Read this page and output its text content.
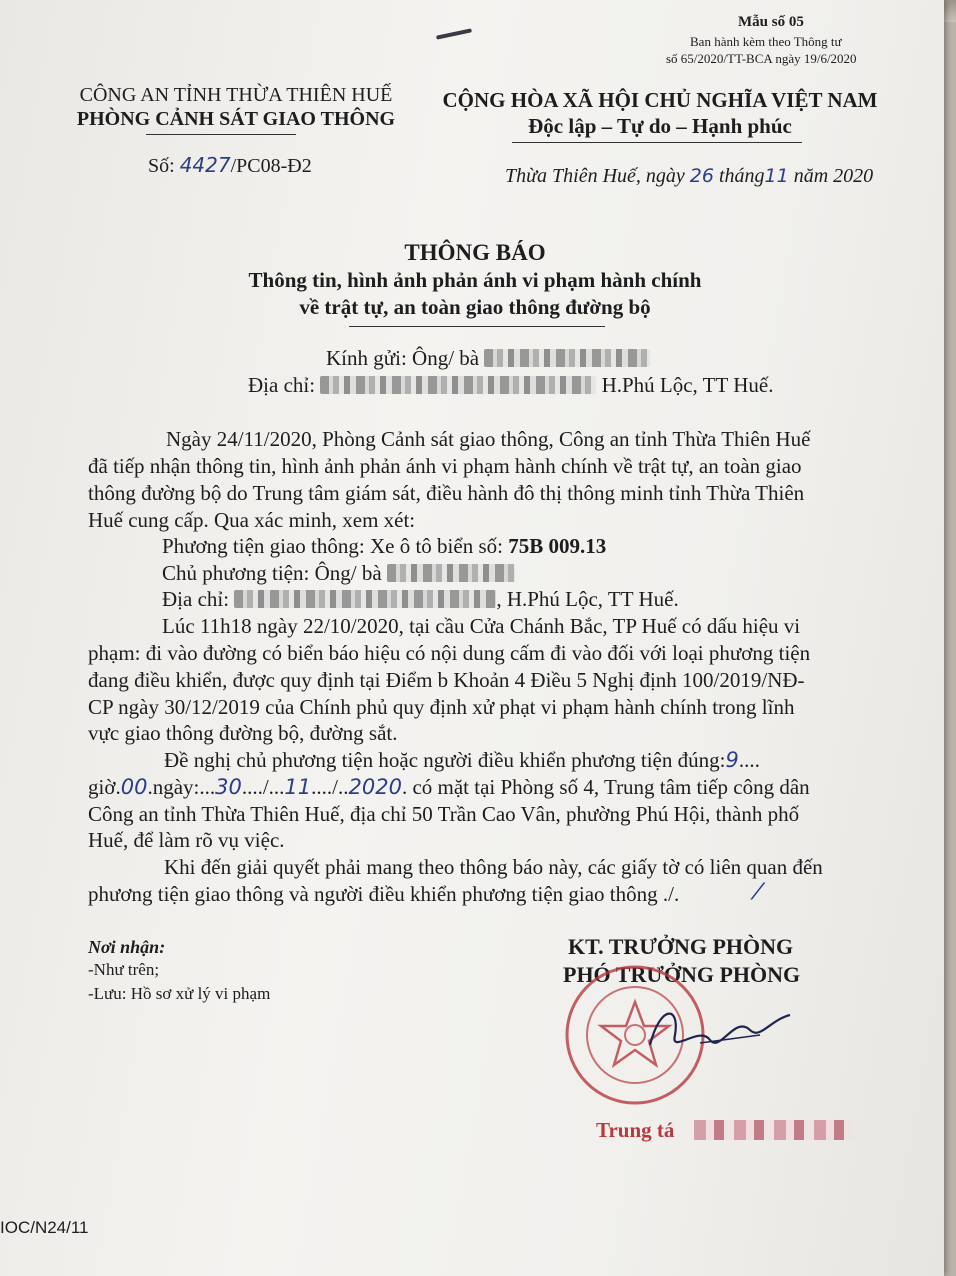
Mẫu số 05
Ban hành kèm theo Thông tư
số 65/2020/TT-BCA ngày 19/6/2020
CÔNG AN TỈNH THỪA THIÊN HUẾ
PHÒNG CẢNH SÁT GIAO THÔNG
Số: 4427/PC08-Đ2
CỘNG HÒA XÃ HỘI CHỦ NGHĨA VIỆT NAM
Độc lập – Tự do – Hạnh phúc
Thừa Thiên Huế, ngày 26 tháng11 năm 2020
THÔNG BÁO
Thông tin, hình ảnh phản ánh vi phạm hành chính
về trật tự, an toàn giao thông đường bộ
Kính gửi: Ông/ bà
Địa chỉ:	H.Phú Lộc, TT Huế.
Ngày 24/11/2020, Phòng Cảnh sát giao thông, Công an tỉnh Thừa Thiên Huế
đã tiếp nhận thông tin, hình ảnh phản ánh vi phạm hành chính về trật tự, an toàn giao
thông đường bộ do Trung tâm giám sát, điều hành đô thị thông minh tỉnh Thừa Thiên
Huế cung cấp. Qua xác minh, xem xét:
Phương tiện giao thông: Xe ô tô biển số: 75B 009.13
Chủ phương tiện: Ông/ bà
Địa chỉ:	, H.Phú Lộc, TT Huế.
Lúc 11h18 ngày 22/10/2020, tại cầu Cửa Chánh Bắc, TP Huế có dấu hiệu vi
phạm: đi vào đường có biển báo hiệu có nội dung cấm đi vào đối với loại phương tiện
đang điều khiển, được quy định tại Điểm b Khoản 4 Điều 5 Nghị định 100/2019/NĐ-
CP ngày 30/12/2019 của Chính phủ quy định xử phạt vi phạm hành chính trong lĩnh
vực giao thông đường bộ, đường sắt.
Đề nghị chủ phương tiện hoặc người điều khiển phương tiện đúng:9....
giờ.00.ngày:...30..../...11..../..2020. có mặt tại Phòng số 4, Trung tâm tiếp công dân
Công an tỉnh Thừa Thiên Huế, địa chỉ 50 Trần Cao Vân, phường Phú Hội, thành phố
Huế, để làm rõ vụ việc.
Khi đến giải quyết phải mang theo thông báo này, các giấy tờ có liên quan đến
phương tiện giao thông và người điều khiển phương tiện giao thông ./.	⁄
Nơi nhận:
-Như trên;
-Lưu: Hồ sơ xử lý vi phạm
KT. TRƯỞNG PHÒNG
PHÓ TRƯỞNG PHÒNG
Trung tá
IOC/N24/11
